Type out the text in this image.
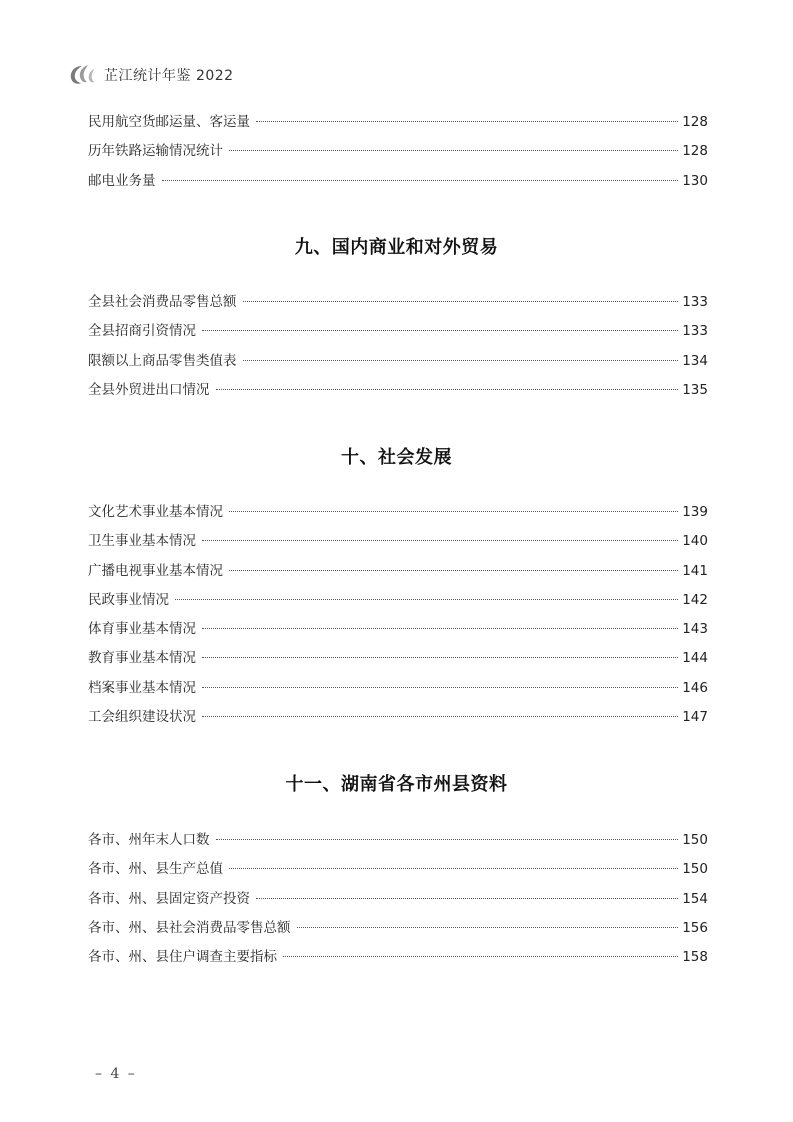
芷江统计年鉴 2022
民用航空货邮运量、客运量	128
历年铁路运输情况统计	128
邮电业务量	130
九、国内商业和对外贸易
全县社会消费品零售总额	133
全县招商引资情况	133
限额以上商品零售类值表	134
全县外贸进出口情况	135
十、社会发展
文化艺术事业基本情况	139
卫生事业基本情况	140
广播电视事业基本情况	141
民政事业情况	142
体育事业基本情况	143
教育事业基本情况	144
档案事业基本情况	146
工会组织建设状况	147
十一、湖南省各市州县资料
各市、州年末人口数	150
各市、州、县生产总值	150
各市、州、县固定资产投资	154
各市、州、县社会消费品零售总额	156
各市、州、县住户调查主要指标	158
– 4 –
